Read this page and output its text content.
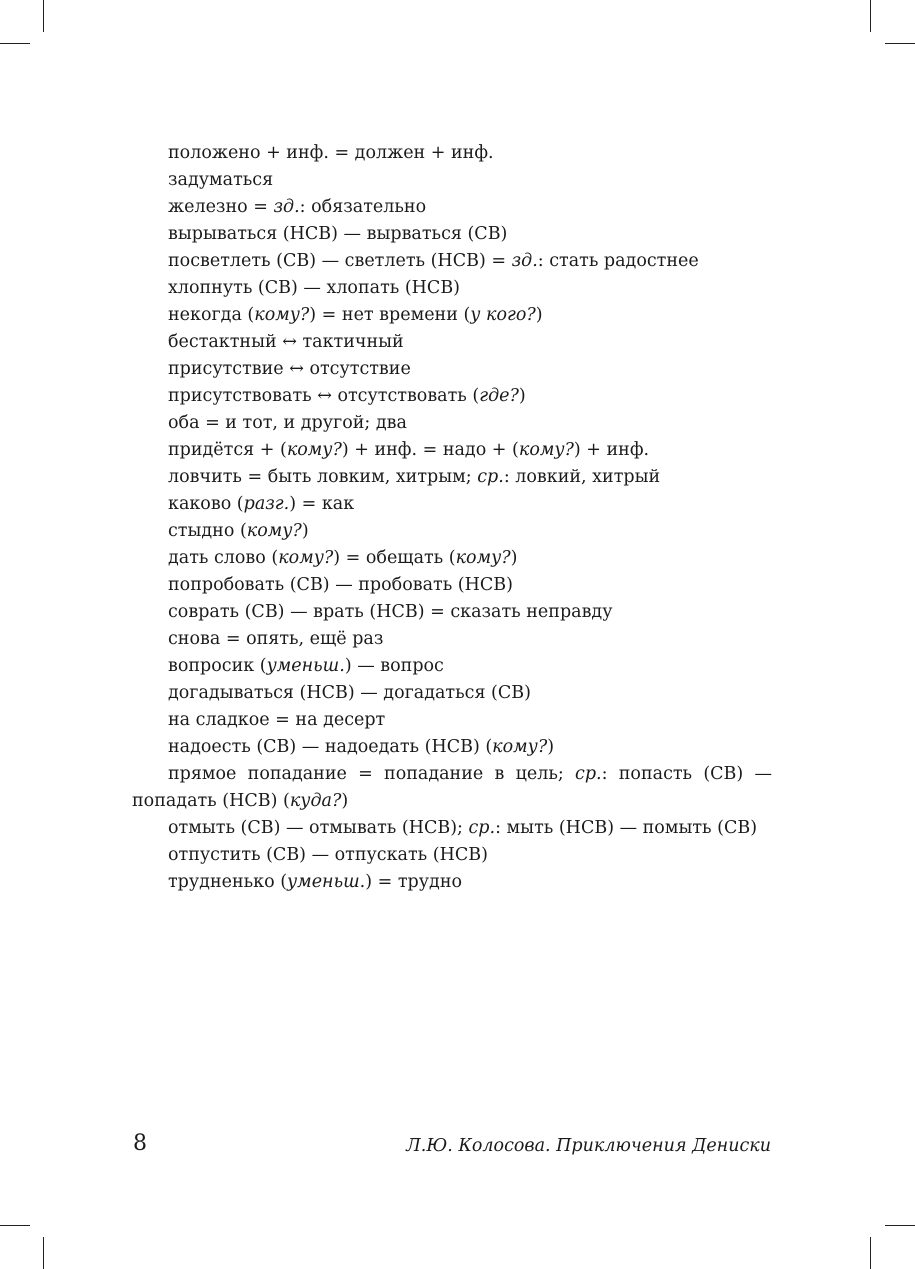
положено + инф. = должен + инф.
задуматься
железно = зд.: обязательно
вырываться (НСВ) — вырваться (СВ)
посветлеть (СВ) — светлеть (НСВ) = зд.: стать радостнее
хлопнуть (СВ) — хлопать (НСВ)
некогда (кому?) = нет времени (у кого?)
бестактный ↔ тактичный
присутствие ↔ отсутствие
присутствовать ↔ отсутствовать (где?)
оба = и тот, и другой; два
придётся + (кому?) + инф. = надо + (кому?) + инф.
ловчить = быть ловким, хитрым; ср.: ловкий, хитрый
каково (разг.) = как
стыдно (кому?)
дать слово (кому?) = обещать (кому?)
попробовать (СВ) — пробовать (НСВ)
соврать (СВ) — врать (НСВ) = сказать неправду
снова = опять, ещё раз
вопросик (уменьш.) — вопрос
догадываться (НСВ) — догадаться (СВ)
на сладкое = на десерт
надоесть (СВ) — надоедать (НСВ) (кому?)
прямое попадание = попадание в цель; ср.: попасть (СВ) — попадать (НСВ) (куда?)
отмыть (СВ) — отмывать (НСВ); ср.: мыть (НСВ) — помыть (СВ)
отпустить (СВ) — отпускать (НСВ)
трудненько (уменьш.) = трудно
8	Л.Ю. Колосова. Приключения Дениски
